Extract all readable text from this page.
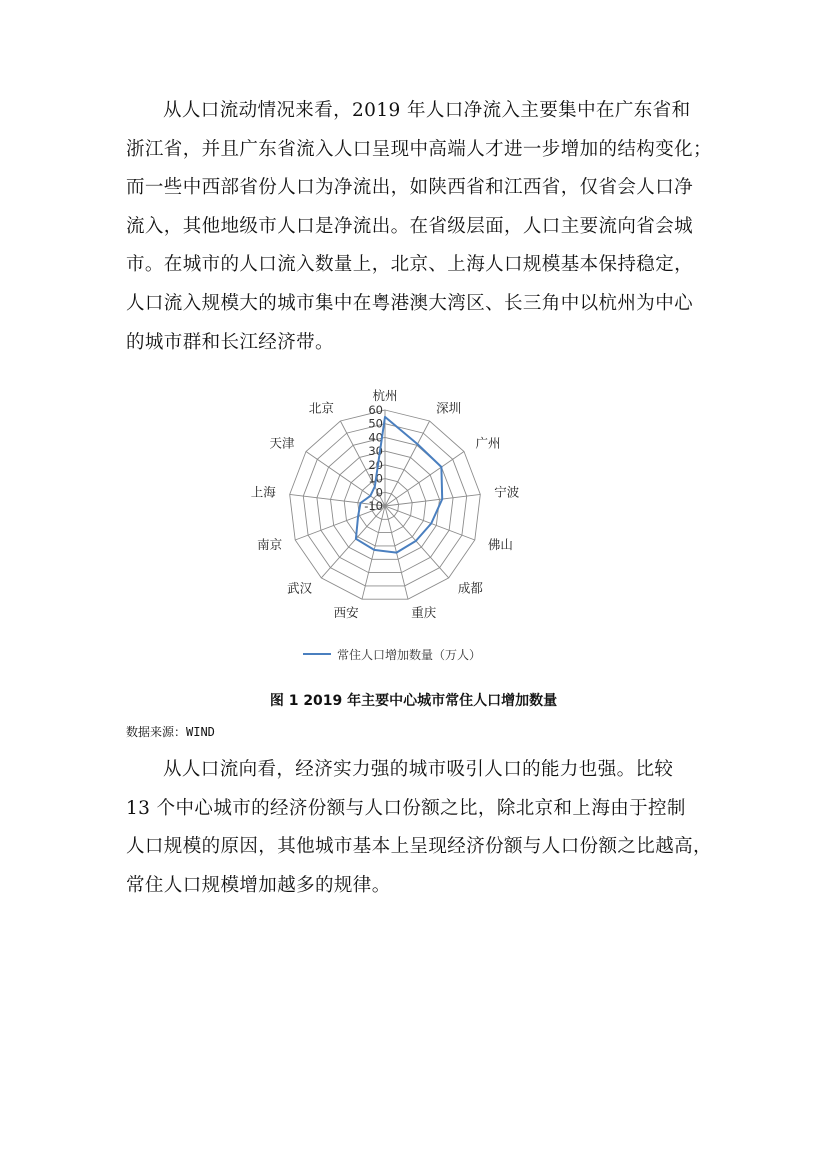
从人口流动情况来看，2019 年人口净流入主要集中在广东省和
浙江省，并且广东省流入人口呈现中高端人才进一步增加的结构变化；
而一些中西部省份人口为净流出，如陕西省和江西省，仅省会人口净
流入，其他地级市人口是净流出。在省级层面，人口主要流向省会城
市。在城市的人口流入数量上，北京、上海人口规模基本保持稳定，
人口流入规模大的城市集中在粤港澳大湾区、长三角中以杭州为中心
的城市群和长江经济带。
-10
0
10
20
30
40
50
60
杭州
深圳
广州
宁波
佛山
成都
重庆
西安
武汉
南京
上海
天津
北京
常住人口增加数量（万人）
图 1 2019 年主要中心城市常住人口增加数量
数据来源：WIND
从人口流向看，经济实力强的城市吸引人口的能力也强。比较
13 个中心城市的经济份额与人口份额之比，除北京和上海由于控制
人口规模的原因，其他城市基本上呈现经济份额与人口份额之比越高，
常住人口规模增加越多的规律。
